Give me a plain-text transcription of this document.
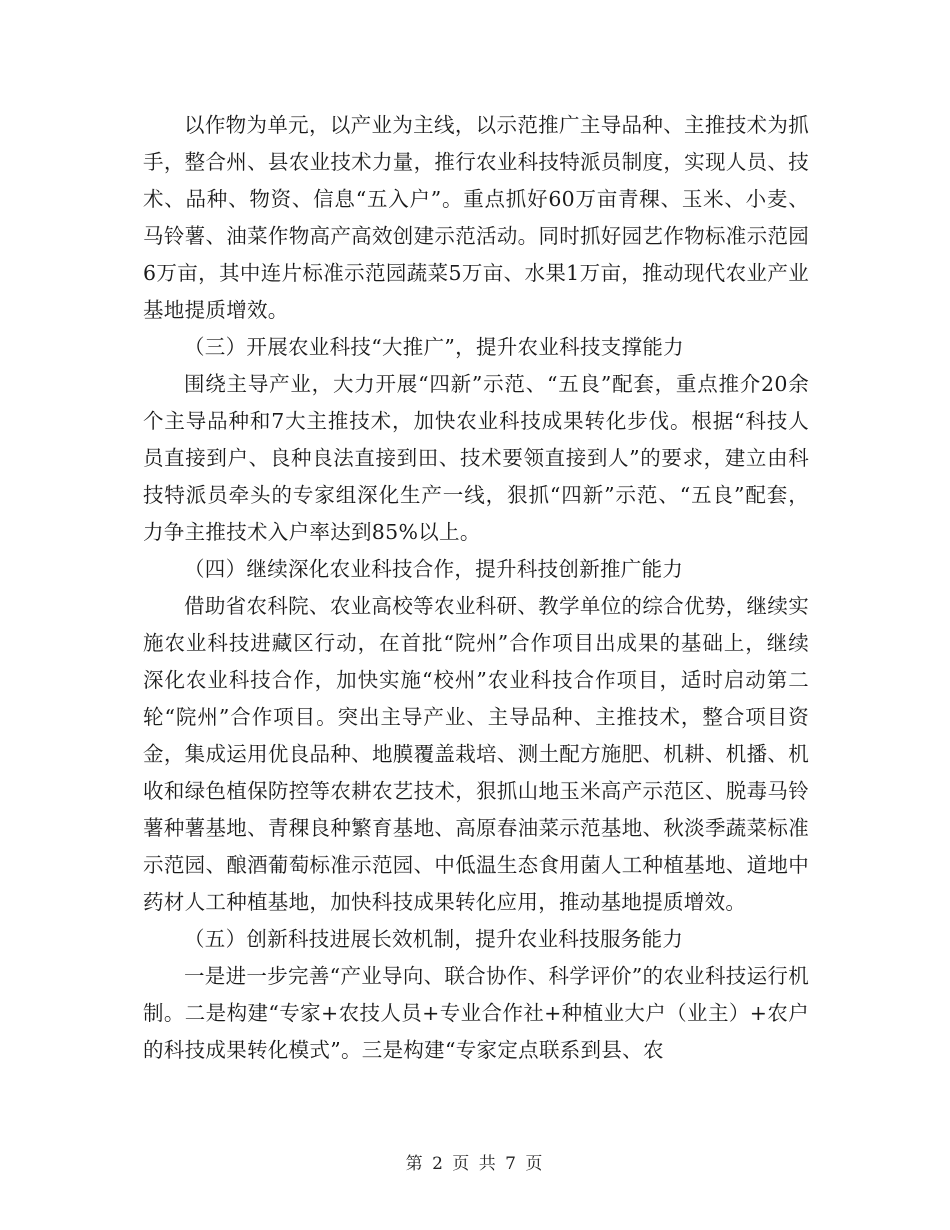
以作物为单元，以产业为主线，以示范推广主导品种、主推技术为抓手，整合州、县农业技术力量，推行农业科技特派员制度，实现人员、技术、品种、物资、信息“五入户”。重点抓好60万亩青稞、玉米、小麦、马铃薯、油菜作物高产高效创建示范活动。同时抓好园艺作物标准示范园6万亩，其中连片标准示范园蔬菜5万亩、水果1万亩，推动现代农业产业基地提质增效。

（三）开展农业科技“大推广”，提升农业科技支撑能力

围绕主导产业，大力开展“四新”示范、“五良”配套，重点推介20余个主导品种和7大主推技术，加快农业科技成果转化步伐。根据“科技人员直接到户、良种良法直接到田、技术要领直接到人”的要求，建立由科技特派员牵头的专家组深化生产一线，狠抓“四新”示范、“五良”配套，力争主推技术入户率达到85%以上。

（四）继续深化农业科技合作，提升科技创新推广能力

借助省农科院、农业高校等农业科研、教学单位的综合优势，继续实施农业科技进藏区行动，在首批“院州”合作项目出成果的基础上，继续深化农业科技合作，加快实施“校州”农业科技合作项目，适时启动第二轮“院州”合作项目。突出主导产业、主导品种、主推技术，整合项目资金，集成运用优良品种、地膜覆盖栽培、测土配方施肥、机耕、机播、机收和绿色植保防控等农耕农艺技术，狠抓山地玉米高产示范区、脱毒马铃薯种薯基地、青稞良种繁育基地、高原春油菜示范基地、秋淡季蔬菜标准示范园、酿酒葡萄标准示范园、中低温生态食用菌人工种植基地、道地中药材人工种植基地，加快科技成果转化应用，推动基地提质增效。

（五）创新科技进展长效机制，提升农业科技服务能力

一是进一步完善“产业导向、联合协作、科学评价”的农业科技运行机制。二是构建“专家+农技人员+专业合作社+种植业大户（业主）+农户的科技成果转化模式”。三是构建“专家定点联系到县、农

第 2 页 共 7 页
